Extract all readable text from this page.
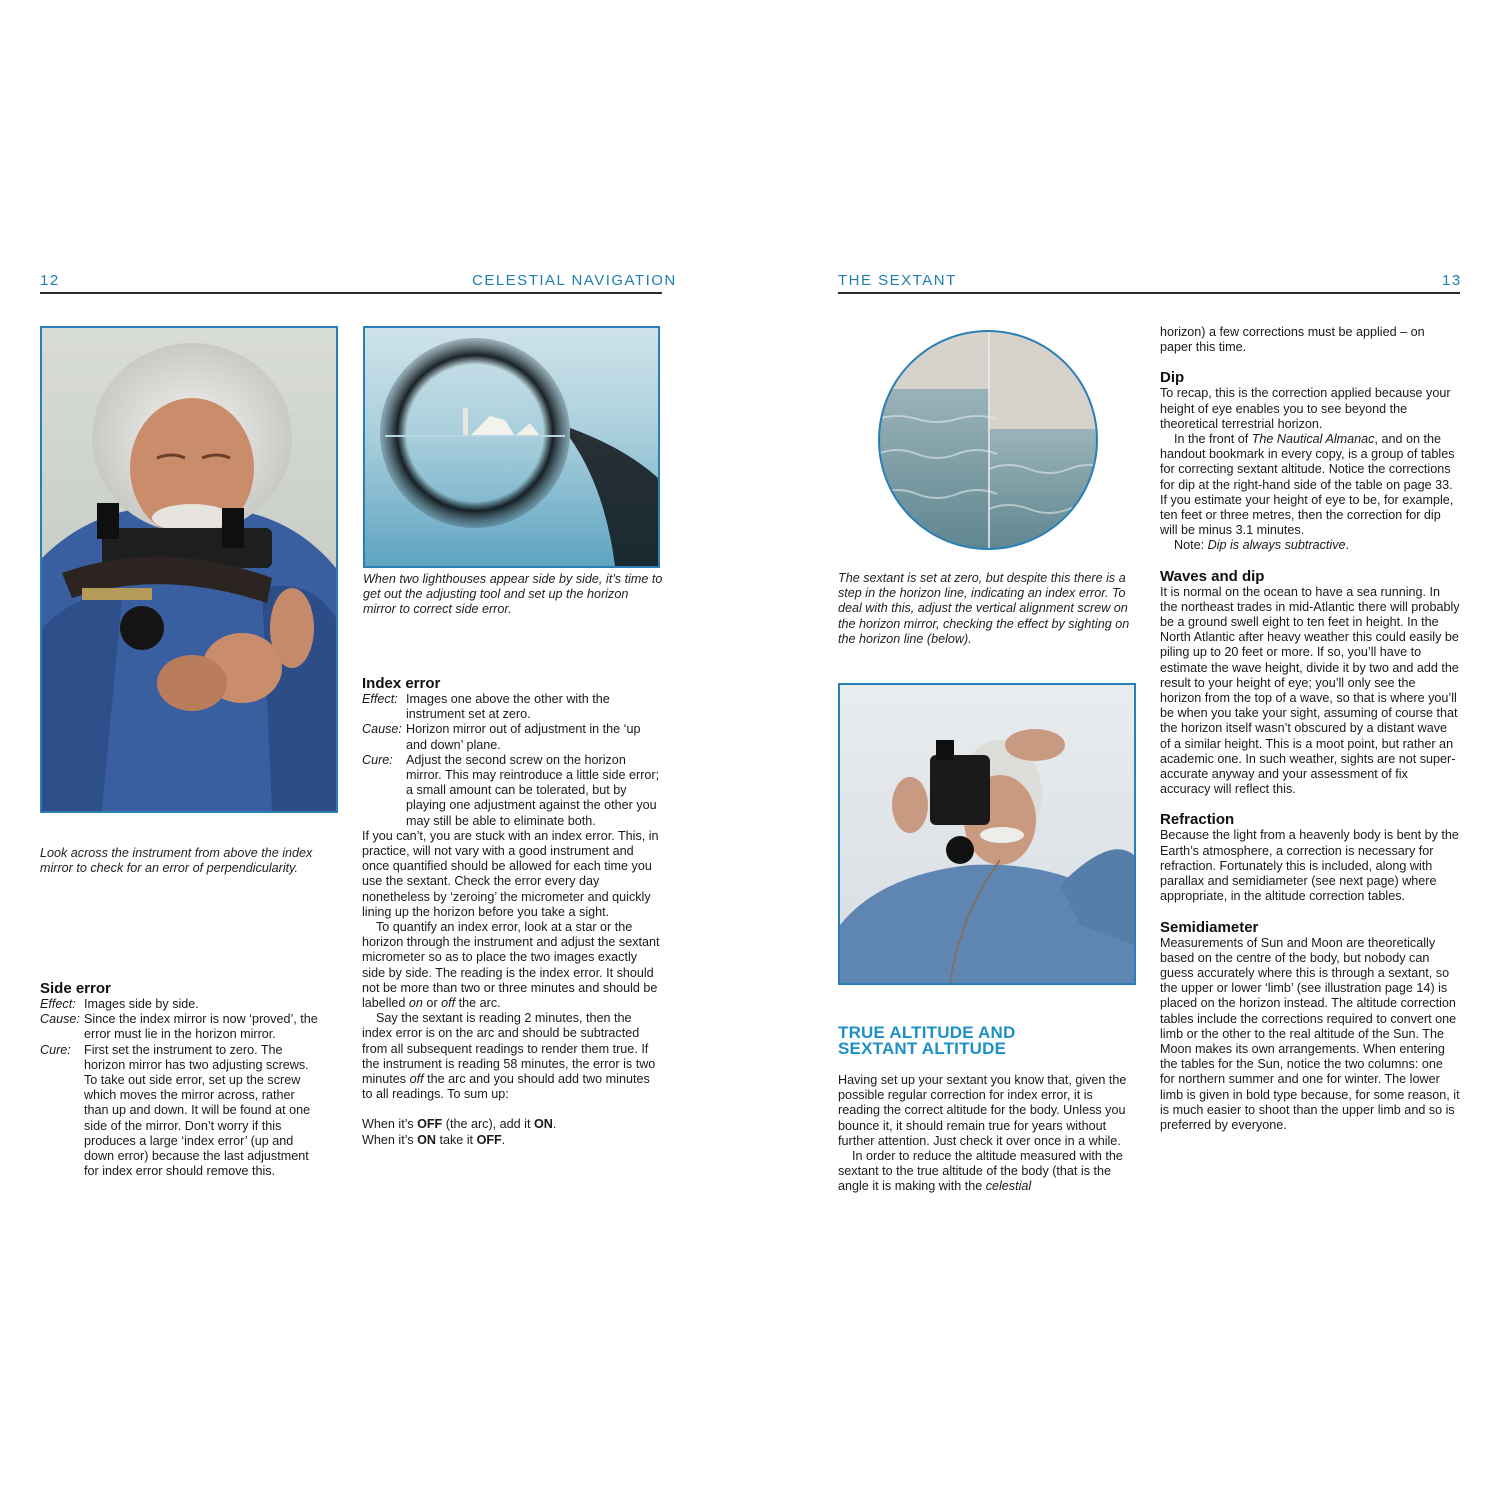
12	CELESTIAL NAVIGATION
Look across the instrument from above the index mirror to check for an error of perpendicularity.
When two lighthouses appear side by side, it’s time to get out the adjusting tool and set up the horizon mirror to correct side error.
Side error
Effect: Images side by side.
Cause: Since the index mirror is now ‘proved’, the error must lie in the horizon mirror.
Cure:	First set the instrument to zero. The horizon mirror has two adjusting screws. To take out side error, set up the screw which moves the mirror across, rather than up and down. It will be found at one side of the mirror. Don’t worry if this produces a large ‘index error’ (up and down error) because the last adjustment for index error should remove this.
Index error
Effect: Images one above the other with the instrument set at zero.
Cause: Horizon mirror out of adjustment in the ‘up and down’ plane.
Cure:	Adjust the second screw on the horizon mirror. This may reintroduce a little side error; a small amount can be tolerated, but by playing one adjustment against the other you may still be able to eliminate both.

If you can’t, you are stuck with an index error. This, in practice, will not vary with a good instrument and once quantified should be allowed for each time you use the sextant. Check the error every day nonetheless by ‘zeroing’ the micrometer and quickly lining up the horizon before you take a sight.

To quantify an index error, look at a star or the horizon through the instrument and adjust the sextant micrometer so as to place the two images exactly side by side. The reading is the index error. It should not be more than two or three minutes and should be labelled on or off the arc.

Say the sextant is reading 2 minutes, then the index error is on the arc and should be subtracted from all subsequent readings to render them true. If the instrument is reading 58 minutes, the error is two minutes off the arc and you should add two minutes to all readings. To sum up:

When it’s OFF (the arc), add it ON.

When it’s ON take it OFF.

THE SEXTANT	13
The sextant is set at zero, but despite this there is a step in the horizon line, indicating an index error. To deal with this, adjust the vertical alignment screw on the horizon mirror, checking the effect by sighting on the horizon line (below).
TRUE ALTITUDE AND
SEXTANT ALTITUDE

Having set up your sextant you know that, given the possible regular correction for index error, it is reading the correct altitude for the body. Unless you bounce it, it should remain true for years without further attention. Just check it over once in a while.

In order to reduce the altitude measured with the sextant to the true altitude of the body (that is the angle it is making with the celestial

horizon) a few corrections must be applied – on paper this time.

Dip

To recap, this is the correction applied because your height of eye enables you to see beyond the theoretical terrestrial horizon.

In the front of The Nautical Almanac, and on the handout bookmark in every copy, is a group of tables for correcting sextant altitude. Notice the corrections for dip at the right-hand side of the table on page 33. If you estimate your height of eye to be, for example, ten feet or three metres, then the correction for dip will be minus 3.1 minutes.

Note: Dip is always subtractive.

Waves and dip

It is normal on the ocean to have a sea running. In the northeast trades in mid-Atlantic there will probably be a ground swell eight to ten feet in height. In the North Atlantic after heavy weather this could easily be piling up to 20 feet or more. If so, you’ll have to estimate the wave height, divide it by two and add the result to your height of eye; you’ll only see the horizon from the top of a wave, so that is where you’ll be when you take your sight, assuming of course that the horizon itself wasn’t obscured by a distant wave of a similar height. This is a moot point, but rather an academic one. In such weather, sights are not super-accurate anyway and your assessment of fix accuracy will reflect this.

Refraction

Because the light from a heavenly body is bent by the Earth’s atmosphere, a correction is necessary for refraction. Fortunately this is included, along with parallax and semidiameter (see next page) where appropriate, in the altitude correction tables.

Semidiameter

Measurements of Sun and Moon are theoretically based on the centre of the body, but nobody can guess accurately where this is through a sextant, so the upper or lower ‘limb’ (see illustration page 14) is placed on the horizon instead. The altitude correction tables include the corrections required to convert one limb or the other to the real altitude of the Sun. The Moon makes its own arrangements. When entering the tables for the Sun, notice the two columns: one for northern summer and one for winter. The lower limb is given in bold type because, for some reason, it is much easier to shoot than the upper limb and so is preferred by everyone.
